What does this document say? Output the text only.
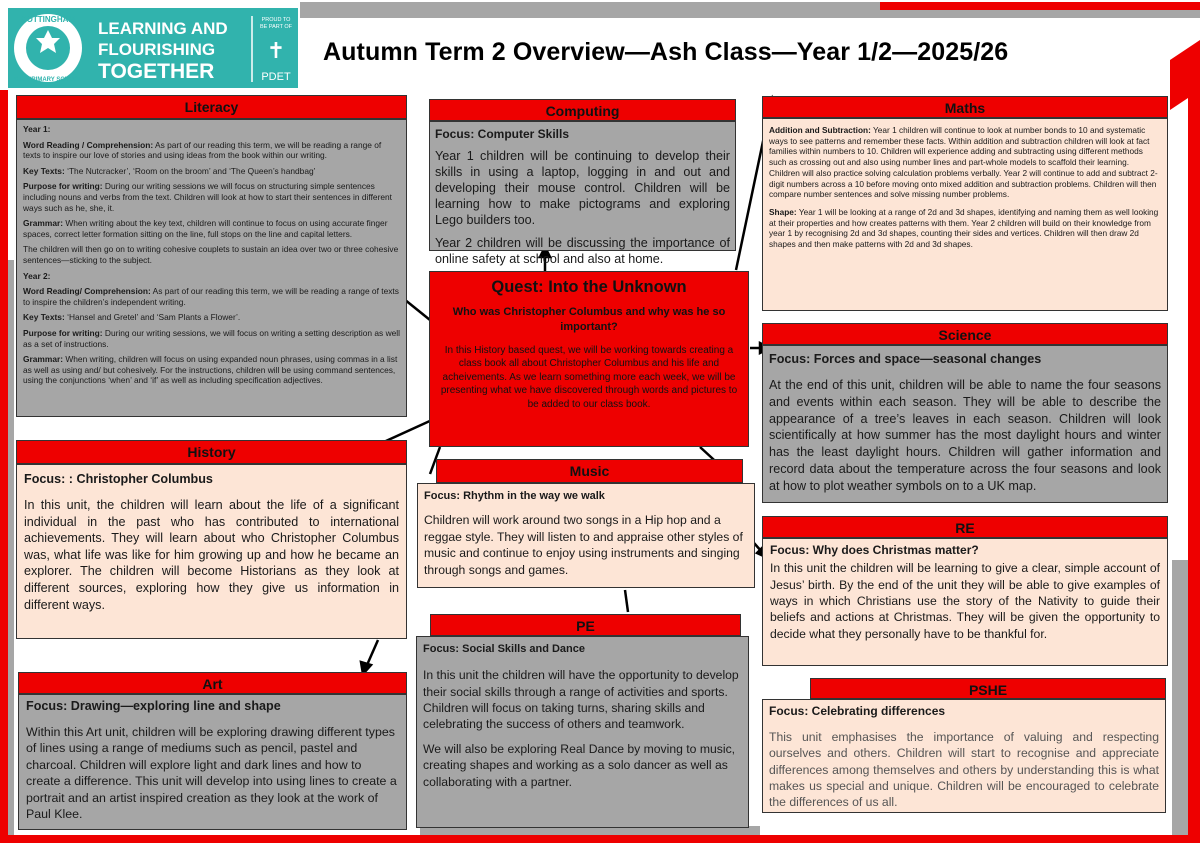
COTTINGHAM
C.E. PRIMARY SCHOOL
LEARNING AND
FLOURISHING
TOGETHER
PROUD TO
BE PART OF
✝
PDET
Autumn Term 2 Overview—Ash Class—Year 1/2—2025/26
Literacy

Year 1:

Word Reading / Comprehension: As part of our reading this term, we will be reading a range of texts to inspire our love of stories and using ideas from the book within our writing.

Key Texts: ‘The Nutcracker’, ‘Room on the broom’ and ‘The Queen’s handbag’

Purpose for writing: During our writing sessions we will focus on structuring simple sentences including nouns and verbs from the text. Children will look at how to start their sentences in different ways such as he, she, it.

Grammar: When writing about the key text, children will continue to focus on using accurate finger spaces, correct letter formation sitting on the line, full stops on the line and capital letters.

The children will then go on to writing cohesive couplets to sustain an idea over two or three cohesive sentences—sticking to the subject.

Year 2:

Word Reading/ Comprehension: As part of our reading this term, we will be reading a range of texts to inspire the children’s independent writing.

Key Texts: ‘Hansel and Gretel’ and ‘Sam Plants a Flower’.

Purpose for writing: During our writing sessions, we will focus on writing a setting description as well as a set of instructions.

Grammar: When writing, children will focus on using expanded noun phrases, using commas in a list as well as using and/ but cohesively. For the instructions, children will be using command sentences, using the conjunctions ‘when’ and ‘if’ as well as including specification adjectives.

Computing

Focus: Computer Skills

Year 1 children will be continuing to develop their skills in using a laptop, logging in and out and developing their mouse control. Children will be learning how to make pictograms and exploring Lego builders too.

Year 2 children will be discussing the importance of online safety at school and also at home.

Maths

Addition and Subtraction: Year 1 children will continue to look at number bonds to 10 and systematic ways to see patterns and remember these facts. Within addition and subtraction children will look at fact families within numbers to 10. Children will experience adding and subtracting using different methods such as crossing out and also using number lines and part-whole models to scaffold their learning. Children will also practice solving calculation problems verbally. Year 2 will continue to add and subtract 2-digit numbers across a 10 before moving onto mixed addition and subtraction problems. Children will then compare number sentences and solve missing number problems.

Shape: Year 1 will be looking at a range of 2d and 3d shapes, identifying and naming them as well looking at their properties and how creates patterns with them. Year 2 children will build on their knowledge from year 1 by recognising 2d and 3d shapes, counting their sides and vertices. Children will then draw 2d shapes and then make patterns with 2d and 3d shapes.

Quest: Into the Unknown
Who was Christopher Columbus and why was he so important?
In this History based quest, we will be working towards creating a class book all about Christopher Columbus and his life and acheivements. As we learn something more each week, we will be presenting what we have discovered through words and pictures to be added to our class book.
Science

Focus: Forces and space—seasonal changes

At the end of this unit, children will be able to name the four seasons and events within each season. They will be able to describe the appearance of a tree’s leaves in each season. Children will look scientifically at how summer has the most daylight hours and winter has the least daylight hours. Children will gather information and record data about the temperature across the four seasons and look at how to plot weather symbols on to a UK map.

History

Focus: : Christopher Columbus

In this unit, the children will learn about the life of a significant individual in the past who has contributed to international achievements. They will learn about who Christopher Columbus was, what life was like for him growing up and how he became an explorer. The children will become Historians as they look at different sources, exploring how they give us information in different ways.

Music

Focus: Rhythm in the way we walk

Children will work around two songs in a Hip hop and a reggae style. They will listen to and appraise other styles of music and continue to enjoy using instruments and singing through songs and games.

RE

Focus: Why does Christmas matter?

In this unit the children will be learning to give a clear, simple account of Jesus’ birth. By the end of the unit they will be able to give examples of ways in which Christians use the story of the Nativity to guide their beliefs and actions at Christmas. They will be given the opportunity to decide what they personally have to be thankful for.

PE

Focus: Social Skills and Dance

In this unit the children will have the opportunity to develop their social skills through a range of activities and sports. Children will focus on taking turns, sharing skills and celebrating the success of others and teamwork.

We will also be exploring Real Dance by moving to music, creating shapes and working as a solo dancer as well as collaborating with a partner.

Art

Focus: Drawing—exploring line and shape

Within this Art unit, children will be exploring drawing different types of lines using a range of mediums such as pencil, pastel and charcoal. Children will explore light and dark lines and how to create a difference. This unit will develop into using lines to create a portrait and an artist inspired creation as they look at the work of Paul Klee.

PSHE

Focus: Celebrating differences

This unit emphasises the importance of valuing and respecting ourselves and others. Children will start to recognise and appreciate differences among themselves and others by understanding this is what makes us special and unique. Children will be encouraged to celebrate the differences of us all.
